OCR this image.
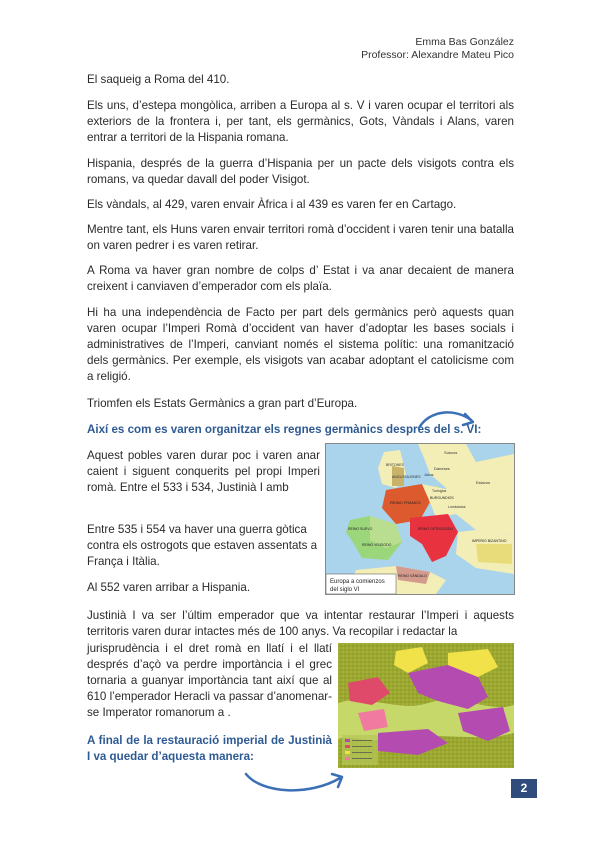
Emma Bas González
Professor: Alexandre Mateu Pico

El saqueig a Roma del 410.

Els uns, d’estepa mongòlica, arriben a Europa al s. V i varen ocupar el territori als exteriors de la frontera i, per tant, els germànics, Gots, Vàndals i Alans, varen entrar a territori de la Hispania romana.

Hispania, després de la guerra d’Hispania per un pacte dels visigots contra els romans, va quedar davall del poder Visigot.

Els vàndals, al 429, varen envair Àfrica i al 439 es varen fer en Cartago.

Mentre tant, els Huns varen envair territori romà d’occident i varen tenir una batalla on varen pedrer i es varen retirar.

A Roma va haver gran nombre de colps d’ Estat i va anar decaient de manera creixent i canviaven d’emperador com els plaïa.

Hi ha una independència de Facto per part dels germànics però aquests quan varen ocupar l’Imperi Romà d’occident van haver d’adoptar les bases socials i administratives de l’Imperi, canviant només el sistema polític: una romanització dels germànics. Per exemple, els visigots van acabar adoptant el catolicisme com a religió.

Triomfen els Estats Germànics a gran part d’Europa.

Així es com es varen organitzar els regnes germànics després del s. VI:

Aquest pobles varen durar poc i varen anar caient i siguent conquerits pel propi Imperi romà. Entre el 533 i 534, Justinià I amb

Entre 535 i 554 va haver una guerra gòtica contra els ostrogots que estaven assentats a França i Itàlia.

Al 552 varen arribar a Hispania.

BRITONES
ANGLOSAJONES Jutos
Daneses
Suecos
Eslavos
REINO FRANCO
BURGUNDIOS
Turingios
Lombardos
REINO SUEVO
REINO VISIGODO
REINO OSTROGODO
IMPERIO BIZANTINO
REINO VÁNDALO
Europa a comienzos
del siglo VI

Justinià I va ser l’últim emperador que va intentar restaurar l’Imperi i aquests territoris varen durar intactes més de 100 anys. Va recopilar i redactar la

jurisprudència i el dret romà en llatí i el llatí després d’açò va perdre importància i el grec tornaria a guanyar importància tant així que al 610 l’emperador Heracli va passar d’anomenar-se Imperator romanorum a .

A final de la restauració imperial de Justinià I va quedar d’aquesta manera:

2
